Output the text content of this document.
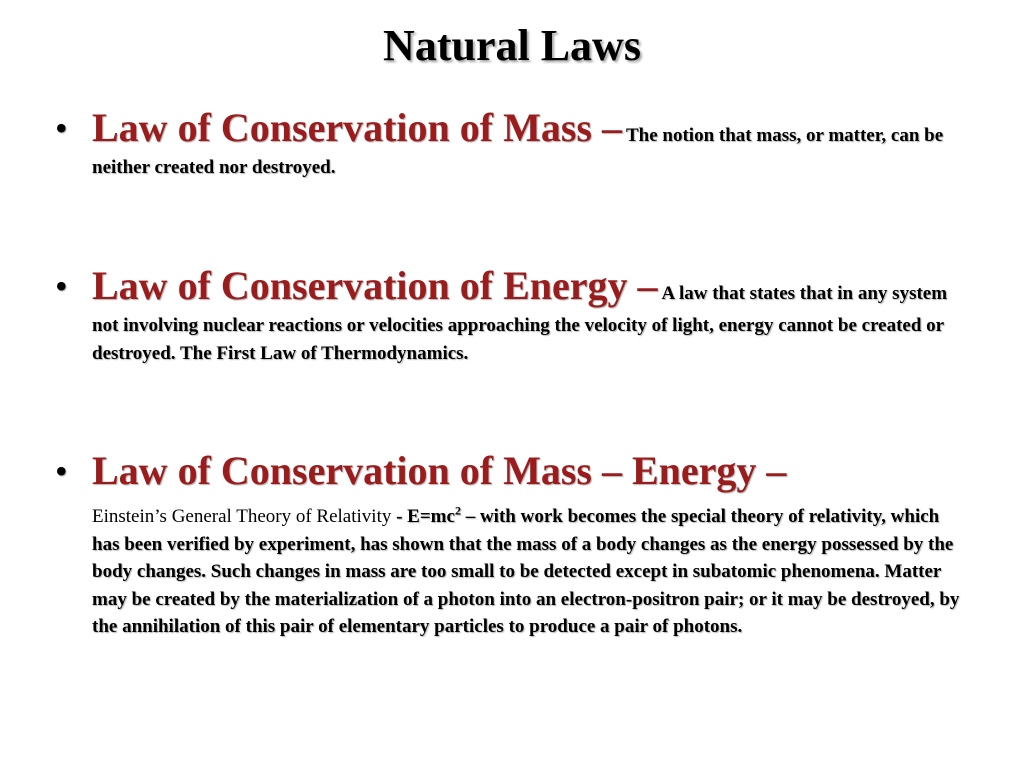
Natural Laws
• Law of Conservation of Mass – The notion that mass, or matter, can be neither created nor destroyed.
• Law of Conservation of Energy – A law that states that in any system not involving nuclear reactions or velocities approaching the velocity of light, energy cannot be created or destroyed. The First Law of Thermodynamics.
• Law of Conservation of Mass – Energy –
Einstein’s General Theory of Relativity - $E=mc^2$ – with work becomes the special theory of relativity, which has been verified by experiment, has shown that the mass of a body changes as the energy possessed by the body changes. Such changes in mass are too small to be detected except in subatomic phenomena. Matter may be created by the materialization of a photon into an electron-positron pair; or it may be destroyed, by the annihilation of this pair of elementary particles to produce a pair of photons.
